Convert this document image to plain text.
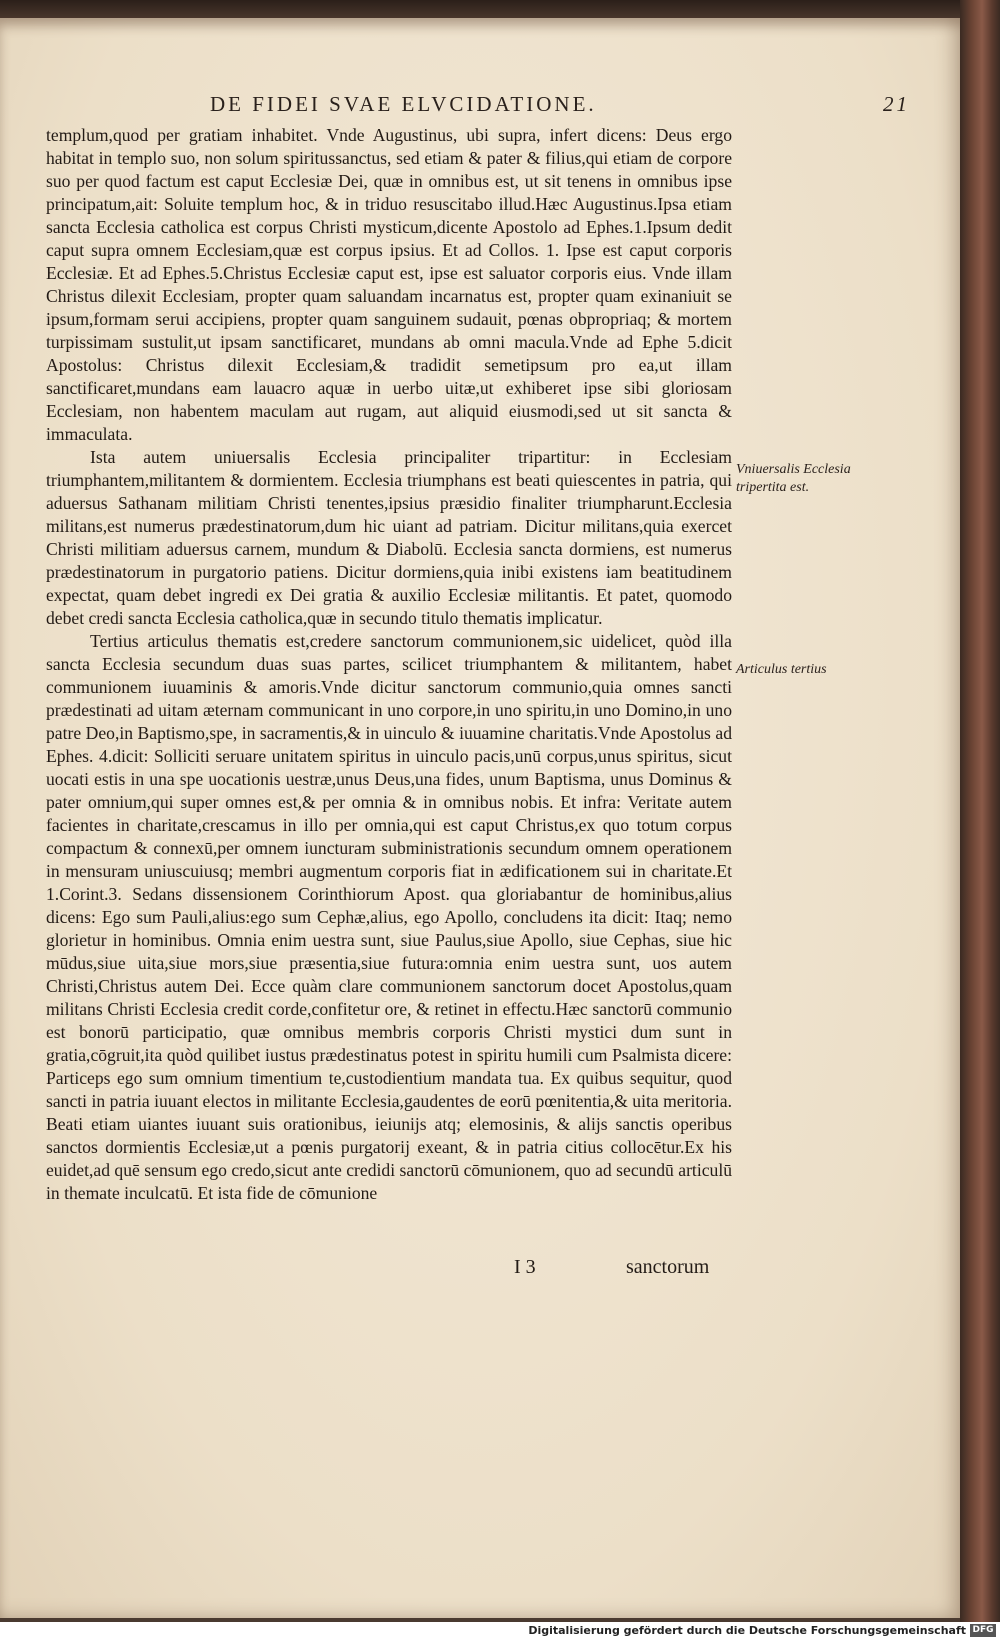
DE FIDEI SVAE ELVCIDATIONE.	21

templum,quod per gratiam inhabitet. Vnde Augustinus, ubi supra, infert dicens: Deus ergo habitat in templo suo, non solum spiritussanctus, sed etiam & pater & filius,qui etiam de corpore suo per quod factum est caput Ecclesiæ Dei, quæ in omnibus est, ut sit tenens in omnibus ipse principatum,ait: Soluite templum hoc, & in triduo resuscitabo illud.Hæc Augustinus.Ipsa etiam sancta Ecclesia catholica est corpus Christi mysticum,dicente Apostolo ad Ephes.1.Ipsum dedit caput supra omnem Ecclesiam,quæ est corpus ipsius. Et ad Collos. 1. Ipse est caput corporis Ecclesiæ. Et ad Ephes.5.Christus Ecclesiæ caput est, ipse est saluator corporis eius. Vnde illam Christus dilexit Ecclesiam, propter quam saluandam incarnatus est, propter quam exinaniuit se ipsum,formam serui accipiens, propter quam sanguinem sudauit, pœnas obpropriaq; & mortem turpissimam sustulit,ut ipsam sanctificaret, mundans ab omni macula.Vnde ad Ephe 5.dicit Apostolus: Christus dilexit Ecclesiam,& tradidit semetipsum pro ea,ut illam sanctificaret,mundans eam lauacro aquæ in uerbo uitæ,ut exhiberet ipse sibi gloriosam Ecclesiam, non habentem maculam aut rugam, aut aliquid eiusmodi,sed ut sit sancta & immaculata.

Ista autem uniuersalis Ecclesia principaliter tripartitur: in Ecclesiam triumphantem,militantem & dormientem. Ecclesia triumphans est beati quiescentes in patria, qui aduersus Sathanam militiam Christi tenentes,ipsius præsidio finaliter triumpharunt.Ecclesia militans,est numerus prædestinatorum,dum hic uiant ad patriam. Dicitur militans,quia exercet Christi militiam aduersus carnem, mundum & Diabolū. Ecclesia sancta dormiens, est numerus prædestinatorum in purgatorio patiens. Dicitur dormiens,quia inibi existens iam beatitudinem expectat, quam debet ingredi ex Dei gratia & auxilio Ecclesiæ militantis. Et patet, quomodo debet credi sancta Ecclesia catholica,quæ in secundo titulo thematis implicatur.

Tertius articulus thematis est,credere sanctorum communionem,sic uidelicet, quòd illa sancta Ecclesia secundum duas suas partes, scilicet triumphantem & militantem, habet communionem iuuaminis & amoris.Vnde dicitur sanctorum communio,quia omnes sancti prædestinati ad uitam æternam communicant in uno corpore,in uno spiritu,in uno Domino,in uno patre Deo,in Baptismo,spe, in sacramentis,& in uinculo & iuuamine charitatis.Vnde Apostolus ad Ephes. 4.dicit: Solliciti seruare unitatem spiritus in uinculo pacis,unū corpus,unus spiritus, sicut uocati estis in una spe uocationis uestræ,unus Deus,una fides, unum Baptisma, unus Dominus & pater omnium,qui super omnes est,& per omnia & in omnibus nobis. Et infra: Veritate autem facientes in charitate,crescamus in illo per omnia,qui est caput Christus,ex quo totum corpus compactum & connexū,per omnem iuncturam subministrationis secundum omnem operationem in mensuram uniuscuiusq; membri augmentum corporis fiat in ædificationem sui in charitate.Et 1.Corint.3. Sedans dissensionem Corinthiorum Apost. qua gloriabantur de hominibus,alius dicens: Ego sum Pauli,alius:ego sum Cephæ,alius, ego Apollo, concludens ita dicit: Itaq; nemo glorietur in hominibus. Omnia enim uestra sunt, siue Paulus,siue Apollo, siue Cephas, siue hic mūdus,siue uita,siue mors,siue præsentia,siue futura:omnia enim uestra sunt, uos autem Christi,Christus autem Dei. Ecce quàm clare communionem sanctorum docet Apostolus,quam militans Christi Ecclesia credit corde,confitetur ore, & retinet in effectu.Hæc sanctorū communio est bonorū participatio, quæ omnibus membris corporis Christi mystici dum sunt in gratia,cōgruit,ita quòd quilibet iustus prædestinatus potest in spiritu humili cum Psalmista dicere: Particeps ego sum omnium timentium te,custodientium mandata tua. Ex quibus sequitur, quod sancti in patria iuuant electos in militante Ecclesia,gaudentes de eorū pœnitentia,& uita meritoria. Beati etiam uiantes iuuant suis orationibus, ieiunijs atq; elemosinis, & alijs sanctis operibus sanctos dormientis Ecclesiæ,ut a pœnis purgatorij exeant, & in patria citius collocētur.Ex his euidet,ad quē sensum ego credo,sicut ante credidi sanctorū cōmunionem, quo ad secundū articulū in themate inculcatū. Et ista fide de cōmunione

Vniuersalis Ecclesia tripertita est.
Articulus tertius
I 3	sanctorum
Digitalisierung gefördert durch die Deutsche Forschungsgemeinschaft DFG
